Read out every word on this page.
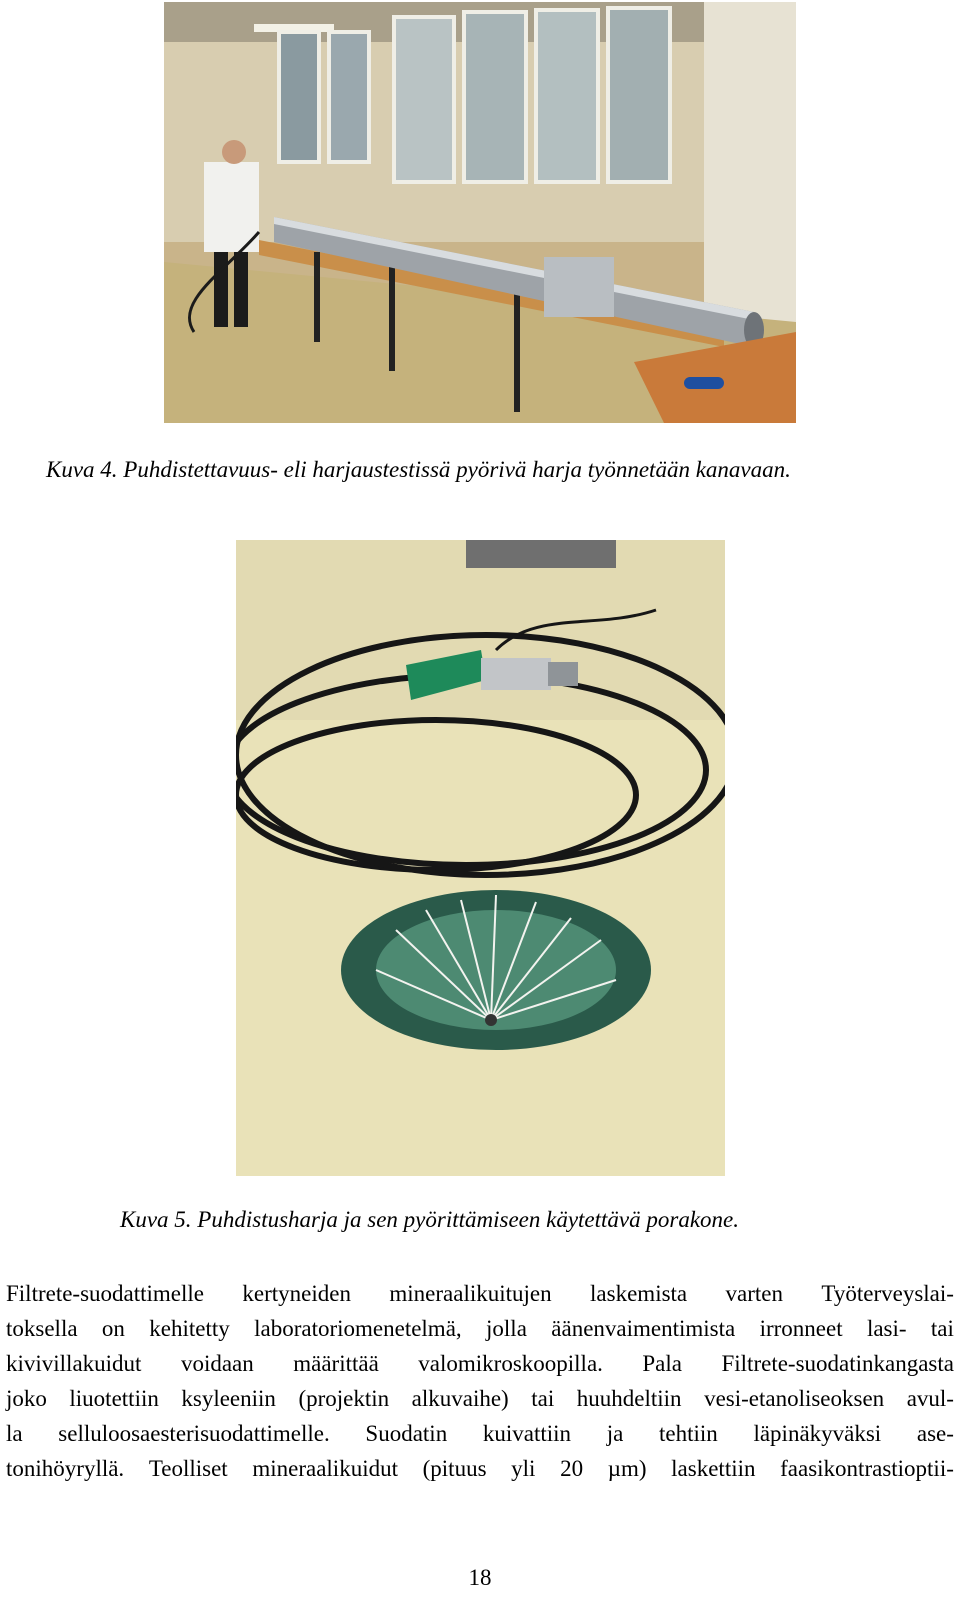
Kuva 4. Puhdistettavuus- eli harjaustestissä pyörivä harja työnnetään kanavaan.
Kuva 5. Puhdistusharja ja sen pyörittämiseen käytettävä porakone.
Filtrete-suodattimelle kertyneiden mineraalikuitujen laskemista varten Työterveyslai-
toksella on kehitetty laboratoriomenetelmä, jolla äänenvaimentimista irronneet lasi- tai
kivivillakuidut voidaan määrittää valomikroskoopilla. Pala Filtrete-suodatinkangasta
joko liuotettiin ksyleeniin (projektin alkuvaihe) tai huuhdeltiin vesi-etanoliseoksen avul-
la selluloosaesterisuodattimelle. Suodatin kuivattiin ja tehtiin läpinäkyväksi ase-
tonihöyryllä. Teolliset mineraalikuidut (pituus yli 20 µm) laskettiin faasikontrastioptii-
18
